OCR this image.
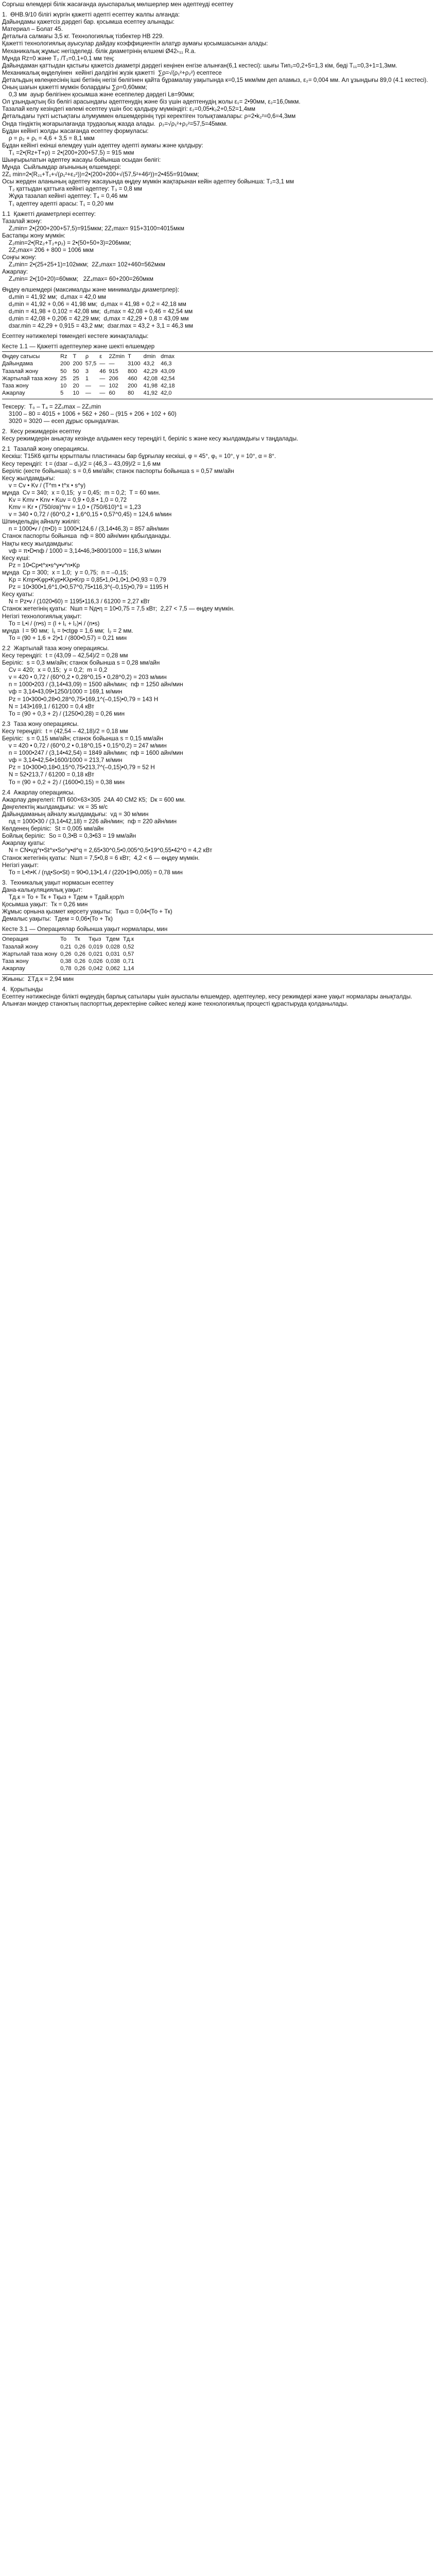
Соргыш өлемдері білік жасағанда ауыспаралық мөлшерлер мен әдептеуді есептеу
1.  ӨНВ.9/10 білігі жүргін қажетті әдепті есептеу жалпы алғанда:
Дайындамы қажетсіз дәрдегі бар. қосымша есептеу алынады:
Материал – Болат 45.
Детальға салмағы 3,5 кг. Технологиялық тізбектер НВ 229.
Қажетті технологиялық ауысулар дайдау коэффициентін алатұр аумағы қосымшасынан алады:
Механикалық жұмыс негізделеді. білік диаметрінің өлшемі Ø42ₕ₁₁ R.a.
Мұнда Rz=0 және T₂ /T₂=0,1+0,1 мм тең;
Дайындаман қаттыдан қастығы қажетсіз диаметрі дәрдегі кеңінен енгізе алынған(6,1 кестесі): шығы Тип₂=0,2+5=1,3 кім, бөді Т₁₁=0,3+1=1,3мм.
Механикалық өңделуінен  кейінгі дәлдігіні жүзік қажетті  ∑ρ=√(ρ₁²+ρ₂²) есептесе
Детальдың көлеңкесінің ішкі бетінің негізі бөлігінен қайта бұрамалау уақытында к=0,15 мкм/мм деп аламыз, ε₂= 0,004 мм. Ал ұзындығы 89,0 (4.1 кестесі). Оның шағын қажетті мүмкін болардағы ∑ρ=0,60мкм;
0,3 мм  ауыр бөлігінен қосымша және есеппелер дәрдегі Lв=90мм;
Ол ұзындықтың біз бөлігі арасындағы әдептенудің және біз үшін әдептенудің жолы ε₁= 2•90мм, ε₂=16,0мкм.
Тазалай келу кезіндегі көлемі есептеу үшін бос қалдыру мүмкіндігі: ε₂=0,05•k₂2+0,52=1,4мм
Детальдағы түкті ыстықтағы алумуммен өлшемдерінің түрі керектіген толықтамалары: ρ=2•k₂²=0,6=4,3мм
Онда тіндіктің жоғарылағанда трудаолық жазда алады.  ρ₂=√ρ₁²+ρ₂²=57,5=45мкм.
Бұдан кейінгі жолды жасағанда есептеу формуласы:
ρ = ρ₂ + ρ₁ = 4,6 + 3,5 = 8,1 мкм
Бұдан кейінгі екінші өлемдеу үшін әдептеу әдепті аумағы және қалдыру:
Т₁ =2•(Rz+T+ρ) = 2•(200+200+57,5) = 915 мкм
Шыңғырылатын әдептеу жасауы бойынша осыдан бөлігі:
Мұнда  Сыйлымдар ағынының өлшемдері:
2Z₁ min=2•(R₂₁+T₁+√(ρ₁²+ε₂²))=2•(200+200+√(57,5²+46²))=2•455=910мкм;
Осы жерден аланының әдептеу жасауында өңдеу мүмкін жақтарынан кейін әдептеу бойынша: Т₂=3,1 мм
Т₂ қаттыдан қаттыға кейінгі әдептеу: Т₃ = 0,8 мм
Жұқа тазалап кейінгі әдептеу: Т₄ = 0,46 мм
Т₁ әдептеу әдепті арасы: Т₁ = 0,20 мм
1.1  Қажетті диаметрлері есептеу:
Тазалай жону:
Z₁min= 2•(200+200+57,5)=915мкм; 2Z₁max= 915+3100=4015мкм
Бастапқы жону мүмкін:
Z₂min=2•(Rz₂+T₂+ρ₂) = 2•(50+50+3)=206мкм;
2Z₂max= 206 + 800 = 1006 мкм
Соңғы жону:
Z₃min= 2•(25+25+1)=102мкм;  2Z₃max= 102+460=562мкм
Ажарлау:
Z₄min= 2•(10+20)=60мкм;   2Z₄max= 60+200=260мкм
Өңдеу өлшемдері (максималды және минималды диаметрлер):
d₄min = 41,92 мм;  d₄max = 42,0 мм
d₃min = 41,92 + 0,06 = 41,98 мм;  d₃max = 41,98 + 0,2 = 42,18 мм
d₂min = 41,98 + 0,102 = 42,08 мм;  d₂max = 42,08 + 0,46 = 42,54 мм
d₁min = 42,08 + 0,206 = 42,29 мм;  d₁max = 42,29 + 0,8 = 43,09 мм
dзаг.min = 42,29 + 0,915 = 43,2 мм;  dзаг.max = 43,2 + 3,1 = 46,3 мм
Есептеу нәтижелері төмендегі кестеге жинақталады:
Кесте 1.1 — Қажетті әдептеулер және шекті өлшемдер
Өңдеу сатысы	Rz	T	ρ	ε	2Zmin	Т	dmin	dmax
Дайындама	200	200	57,5	—	—	3100	43,2	46,3
Тазалай жону	50	50	3	46	915	800	42,29	43,09
Жартылай таза жону	25	25	1	—	206	460	42,08	42,54
Таза жону	10	20	—	—	102	200	41,98	42,18
Ажарлау	5	10	—	—	60	80	41,92	42,0
Тексеру:  Т₀ – Т₄ = 2Z₀max – 2Z₀min
3100 – 80 = 4015 + 1006 + 562 + 260 – (915 + 206 + 102 + 60)
3020 = 3020 — есеп дұрыс орындалған.
2.  Кесу режимдерін есептеу
Кесу режимдерін анықтау кезінде алдымен кесу тереңдігі t, беріліс s және кесу жылдамдығы v таңдалады.
2.1  Тазалай жону операциясы.
Кескіш: Т15К6 қатты қорытпалы пластинасы бар бұрғылау кескіші, φ = 45°, φ₁ = 10°, γ = 10°, α = 8°.
Кесу тереңдігі:  t = (dзаг – d₁)/2 = (46,3 – 43,09)/2 = 1,6 мм
Беріліс (кесте бойынша): s = 0,6 мм/айн; станок паспорты бойынша s = 0,57 мм/айн
Кесу жылдамдығы:
v = Cv • Kv / (T^m • t^x • s^y)
мұнда  Cv = 340;  x = 0,15;  y = 0,45;  m = 0,2;  T = 60 мин.
Kv = Kmv • Knv • Kuv = 0,9 • 0,8 • 1,0 = 0,72
Kmv = Kr • (750/σв)^nv = 1,0 • (750/610)^1 = 1,23
v = 340 • 0,72 / (60^0,2 • 1,6^0,15 • 0,57^0,45) = 124,6 м/мин
Шпиндельдің айналу жиілігі:
n = 1000•v / (π•D) = 1000•124,6 / (3,14•46,3) = 857 айн/мин
Станок паспорты бойынша  nф = 800 айн/мин қабылданады.
Нақты кесу жылдамдығы:
vф = π•D•nф / 1000 = 3,14•46,3•800/1000 = 116,3 м/мин
Кесу күші:
Pz = 10•Cp•t^x•s^y•v^n•Kp
мұнда  Cp = 300;  x = 1,0;  y = 0,75;  n = –0,15;
Kp = Kmp•Kφp•Kγp•Kλp•Krp = 0,85•1,0•1,0•1,0•0,93 = 0,79
Pz = 10•300•1,6^1,0•0,57^0,75•116,3^(–0,15)•0,79 = 1195 Н
Кесу қуаты:
N = Pz•v / (1020•60) = 1195•116,3 / 61200 = 2,27 кВт
Станок жетегінің қуаты:  Nшп = Nд•η = 10•0,75 = 7,5 кВт;  2,27 < 7,5 — өңдеу мүмкін.
Негізгі технологиялық уақыт:
То = L•i / (n•s) = (l + l₁ + l₂)•i / (n•s)
мұнда  l = 90 мм;  l₁ = t•ctgφ = 1,6 мм;  l₂ = 2 мм.
То = (90 + 1,6 + 2)•1 / (800•0,57) = 0,21 мин
2.2  Жартылай таза жону операциясы.
Кесу тереңдігі:  t = (43,09 – 42,54)/2 = 0,28 мм
Беріліс:  s = 0,3 мм/айн; станок бойынша s = 0,28 мм/айн
Cv = 420;  x = 0,15;  y = 0,2;  m = 0,2
v = 420 • 0,72 / (60^0,2 • 0,28^0,15 • 0,28^0,2) = 203 м/мин
n = 1000•203 / (3,14•43,09) = 1500 айн/мин;  nф = 1250 айн/мин
vф = 3,14•43,09•1250/1000 = 169,1 м/мин
Pz = 10•300•0,28•0,28^0,75•169,1^(–0,15)•0,79 = 143 Н
N = 143•169,1 / 61200 = 0,4 кВт
То = (90 + 0,3 + 2) / (1250•0,28) = 0,26 мин
2.3  Таза жону операциясы.
Кесу тереңдігі:  t = (42,54 – 42,18)/2 = 0,18 мм
Беріліс:  s = 0,15 мм/айн; станок бойынша s = 0,15 мм/айн
v = 420 • 0,72 / (60^0,2 • 0,18^0,15 • 0,15^0,2) = 247 м/мин
n = 1000•247 / (3,14•42,54) = 1849 айн/мин;  nф = 1600 айн/мин
vф = 3,14•42,54•1600/1000 = 213,7 м/мин
Pz = 10•300•0,18•0,15^0,75•213,7^(–0,15)•0,79 = 52 Н
N = 52•213,7 / 61200 = 0,18 кВт
То = (90 + 0,2 + 2) / (1600•0,15) = 0,38 мин
2.4  Ажарлау операциясы.
Ажарлау дөңгелегі: ПП 600×63×305  24А 40 СМ2 К5;  Dк = 600 мм.
Дөңгелектің жылдамдығы:  vк = 35 м/с
Дайындаманың айналу жылдамдығы:  vд = 30 м/мин
nд = 1000•30 / (3,14•42,18) = 226 айн/мин;  nф = 220 айн/мин
Көлденең беріліс:  St = 0,005 мм/айн
Бойлық беріліс:  So = 0,3•B = 0,3•63 = 19 мм/айн
Ажарлау қуаты:
N = CN•vд^r•St^x•So^y•d^q = 2,65•30^0,5•0,005^0,5•19^0,55•42^0 = 4,2 кВт
Станок жетегінің қуаты:  Nшп = 7,5•0,8 = 6 кВт;  4,2 < 6 — өңдеу мүмкін.
Негізгі уақыт:
То = L•h•K / (nд•So•St) = 90•0,13•1,4 / (220•19•0,005) = 0,78 мин
3.  Техникалық уақыт нормасын есептеу
Дана-калькуляциялық уақыт:
Тд.к = То + Тк + Тқыз + Тдем + Тдай.қор/n
Қосымша уақыт:  Тк = 0,26 мин
Жұмыс орнына қызмет көрсету уақыты:  Тқыз = 0,04•(То + Тк)
Демалыс уақыты:  Тдем = 0,06•(То + Тк)
Кесте 3.1 — Операциялар бойынша уақыт нормалары, мин
Операция	То	Тк	Тқыз	Тдем	Тд.к
Тазалай жону	0,21	0,26	0,019	0,028	0,52
Жартылай таза жону	0,26	0,26	0,021	0,031	0,57
Таза жону	0,38	0,26	0,026	0,038	0,71
Ажарлау	0,78	0,26	0,042	0,062	1,14
Жиыны:  ΣТд.к = 2,94 мин
4.  Қорытынды
Есептеу нәтижесінде білікті өңдеудің барлық сатылары үшін ауыспалы өлшемдер, әдептеулер, кесу режимдері және уақыт нормалары анықталды. Алынған мәндер станоктың паспорттық деректеріне сәйкес келеді және технологиялық процесті құрастыруда қолданылады.
